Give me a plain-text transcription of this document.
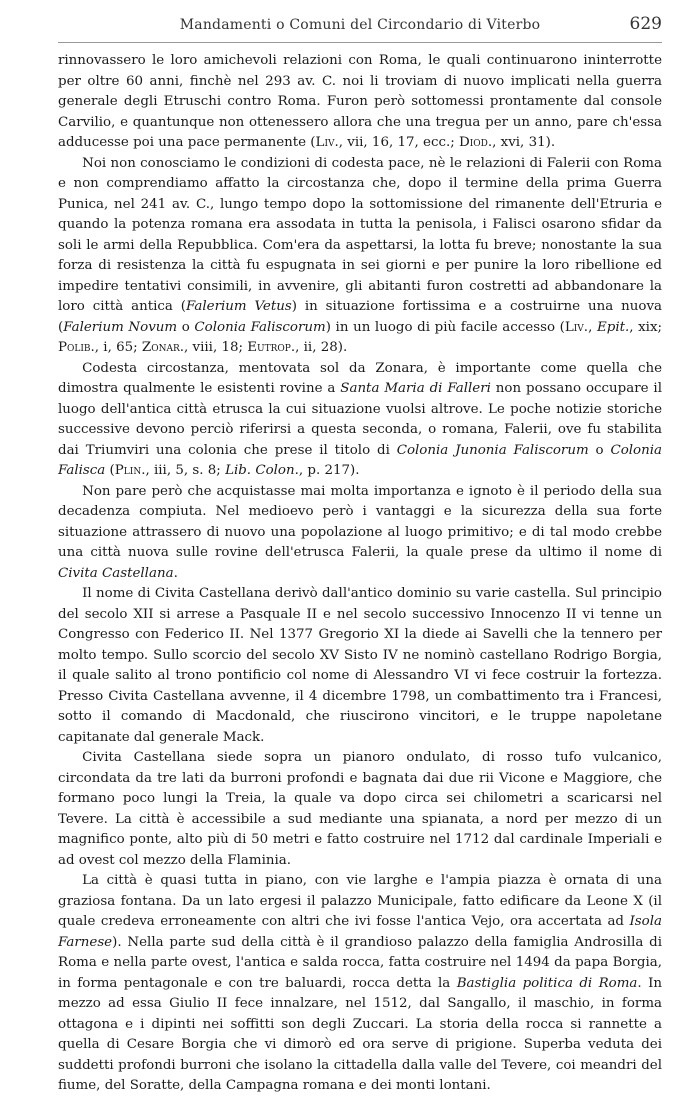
Mandamenti o Comuni del Circondario di Viterbo	629

rinnovassero le loro amichevoli relazioni con Roma, le quali continuarono ininterrotte per oltre 60 anni, finchè nel 293 av. C. noi li troviam di nuovo implicati nella guerra generale degli Etruschi contro Roma. Furon però sottomessi prontamente dal console Carvilio, e quantunque non ottenessero allora che una tregua per un anno, pare ch'essa adducesse poi una pace permanente (Liv., vii, 16, 17, ecc.; Diod., xvi, 31).

Noi non conosciamo le condizioni di codesta pace, nè le relazioni di Falerii con Roma e non comprendiamo affatto la circostanza che, dopo il termine della prima Guerra Punica, nel 241 av. C., lungo tempo dopo la sottomissione del rimanente dell'Etruria e quando la potenza romana era assodata in tutta la penisola, i Falisci osarono sfidar da soli le armi della Repubblica. Com'era da aspettarsi, la lotta fu breve; nonostante la sua forza di resistenza la città fu espugnata in sei giorni e per punire la loro ribellione ed impedire tentativi consimili, in avvenire, gli abitanti furon costretti ad abbandonare la loro città antica (Falerium Vetus) in situazione fortissima e a costruirne una nuova (Falerium Novum o Colonia Faliscorum) in un luogo di più facile accesso (Liv., Epit., xix; Polib., i, 65; Zonar., viii, 18; Eutrop., ii, 28).

Codesta circostanza, mentovata sol da Zonara, è importante come quella che dimostra qualmente le esistenti rovine a Santa Maria di Falleri non possano occupare il luogo dell'antica città etrusca la cui situazione vuolsi altrove. Le poche notizie storiche successive devono perciò riferirsi a questa seconda, o romana, Falerii, ove fu stabilita dai Triumviri una colonia che prese il titolo di Colonia Junonia Faliscorum o Colonia Falisca (Plin., iii, 5, s. 8; Lib. Colon., p. 217).

Non pare però che acquistasse mai molta importanza e ignoto è il periodo della sua decadenza compiuta. Nel medioevo però i vantaggi e la sicurezza della sua forte situazione attrassero di nuovo una popolazione al luogo primitivo; e di tal modo crebbe una città nuova sulle rovine dell'etrusca Falerii, la quale prese da ultimo il nome di Civita Castellana.

Il nome di Civita Castellana derivò dall'antico dominio su varie castella. Sul principio del secolo XII si arrese a Pasquale II e nel secolo successivo Innocenzo II vi tenne un Congresso con Federico II. Nel 1377 Gregorio XI la diede ai Savelli che la tennero per molto tempo. Sullo scorcio del secolo XV Sisto IV ne nominò castellano Rodrigo Borgia, il quale salito al trono pontificio col nome di Alessandro VI vi fece costruir la fortezza. Presso Civita Castellana avvenne, il 4 dicembre 1798, un combattimento tra i Francesi, sotto il comando di Macdonald, che riuscirono vincitori, e le truppe napoletane capitanate dal generale Mack.

Civita Castellana siede sopra un pianoro ondulato, di rosso tufo vulcanico, circondata da tre lati da burroni profondi e bagnata dai due rii Vicone e Maggiore, che formano poco lungi la Treia, la quale va dopo circa sei chilometri a scaricarsi nel Tevere. La città è accessibile a sud mediante una spianata, a nord per mezzo di un magnifico ponte, alto più di 50 metri e fatto costruire nel 1712 dal cardinale Imperiali e ad ovest col mezzo della Flaminia.

La città è quasi tutta in piano, con vie larghe e l'ampia piazza è ornata di una graziosa fontana. Da un lato ergesi il palazzo Municipale, fatto edificare da Leone X (il quale credeva erroneamente con altri che ivi fosse l'antica Vejo, ora accertata ad Isola Farnese). Nella parte sud della città è il grandioso palazzo della famiglia Androsilla di Roma e nella parte ovest, l'antica e salda rocca, fatta costruire nel 1494 da papa Borgia, in forma pentagonale e con tre baluardi, rocca detta la Bastiglia politica di Roma. In mezzo ad essa Giulio II fece innalzare, nel 1512, dal Sangallo, il maschio, in forma ottagona e i dipinti nei soffitti son degli Zuccari. La storia della rocca si rannette a quella di Cesare Borgia che vi dimorò ed ora serve di prigione. Superba veduta dei suddetti profondi burroni che isolano la cittadella dalla valle del Tevere, coi meandri del fiume, del Soratte, della Campagna romana e dei monti lontani.
